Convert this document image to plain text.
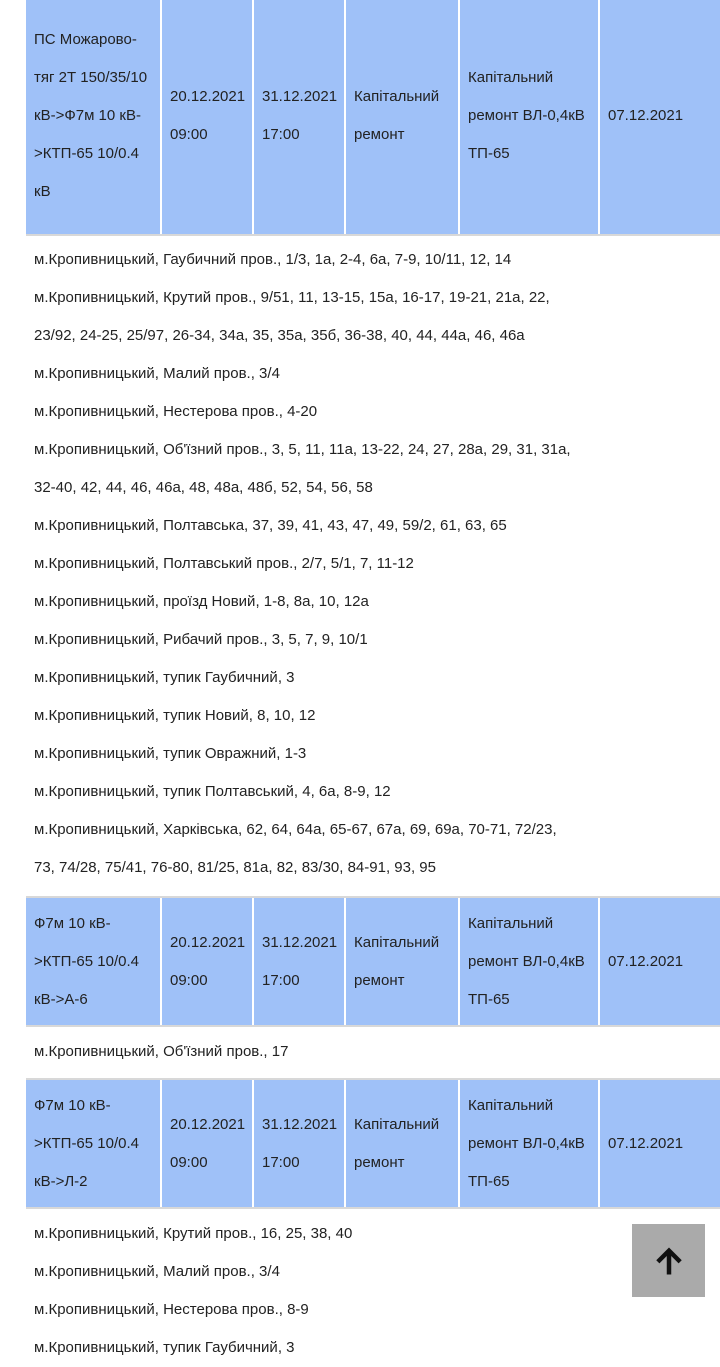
ПС Можарово-тяг 2Т 150/35/10 кВ->Ф7м 10 кВ->КТП-65 10/0.4 кВ
20.12.2021 09:00
31.12.2021 17:00
Капітальний ремонт
Капітальний ремонт ВЛ-0,4кВ ТП-65
07.12.2021
м.Кропивницький, Гаубичний пров., 1/3, 1а, 2-4, 6а, 7-9, 10/11, 12, 14
м.Кропивницький, Крутий пров., 9/51, 11, 13-15, 15а, 16-17, 19-21, 21а, 22,
23/92, 24-25, 25/97, 26-34, 34а, 35, 35а, 35б, 36-38, 40, 44, 44а, 46, 46а
м.Кропивницький, Малий пров., 3/4
м.Кропивницький, Нестерова пров., 4-20
м.Кропивницький, Об'їзний пров., 3, 5, 11, 11а, 13-22, 24, 27, 28а, 29, 31, 31а,
32-40, 42, 44, 46, 46а, 48, 48а, 48б, 52, 54, 56, 58
м.Кропивницький, Полтавська, 37, 39, 41, 43, 47, 49, 59/2, 61, 63, 65
м.Кропивницький, Полтавський пров., 2/7, 5/1, 7, 11-12
м.Кропивницький, проїзд Новий, 1-8, 8а, 10, 12а
м.Кропивницький, Рибачий пров., 3, 5, 7, 9, 10/1
м.Кропивницький, тупик Гаубичний, 3
м.Кропивницький, тупик Новий, 8, 10, 12
м.Кропивницький, тупик Овражний, 1-3
м.Кропивницький, тупик Полтавський, 4, 6а, 8-9, 12
м.Кропивницький, Харківська, 62, 64, 64а, 65-67, 67а, 69, 69а, 70-71, 72/23,
73, 74/28, 75/41, 76-80, 81/25, 81а, 82, 83/30, 84-91, 93, 95
Ф7м 10 кВ->КТП-65 10/0.4 кВ->А-6
20.12.2021 09:00
31.12.2021 17:00
Капітальний ремонт
Капітальний ремонт ВЛ-0,4кВ ТП-65
07.12.2021
м.Кропивницький, Об'їзний пров., 17
Ф7м 10 кВ->КТП-65 10/0.4 кВ->Л-2
20.12.2021 09:00
31.12.2021 17:00
Капітальний ремонт
Капітальний ремонт ВЛ-0,4кВ ТП-65
07.12.2021
м.Кропивницький, Крутий пров., 16, 25, 38, 40
м.Кропивницький, Малий пров., 3/4
м.Кропивницький, Нестерова пров., 8-9
м.Кропивницький, тупик Гаубичний, 3
